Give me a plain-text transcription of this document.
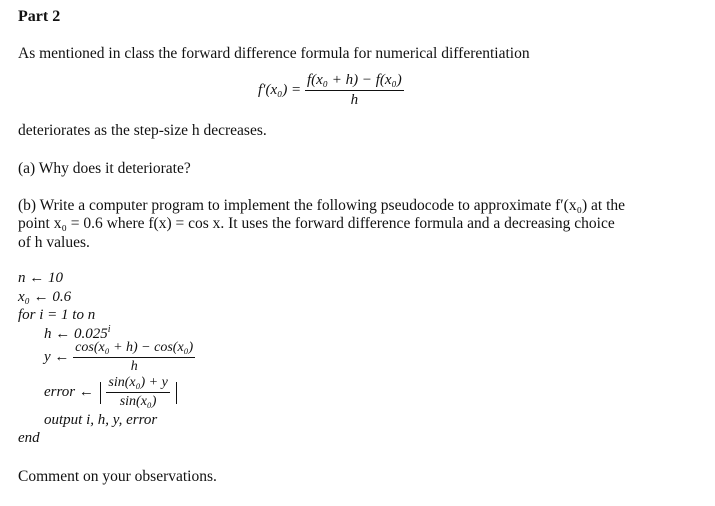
Part 2
As mentioned in class the forward difference formula for numerical differentiation
$f'(x_0) = \frac{\text{f(x₀ + h) − f(x₀)}}{h}$
deteriorates as the step-size h decreases.
(a) Why does it deteriorate?
(b) Write a computer program to implement the following pseudocode to approximate f′(x₀) at the
point x₀ = 0.6 where f(x) = cos x. It uses the forward difference formula and a decreasing choice
of h values.
n ← 10
x₀ ← 0.6
for i = 1 to n
h ← 0.025$^i$
y ← $\frac{\text{cos(x₀ + h) − cos(x₀)}}{h}$
error ← $\frac{\text{sin(x₀) + y}}{\text{sin(x₀)}}$

output i, h, y, error
end
Comment on your observations.
